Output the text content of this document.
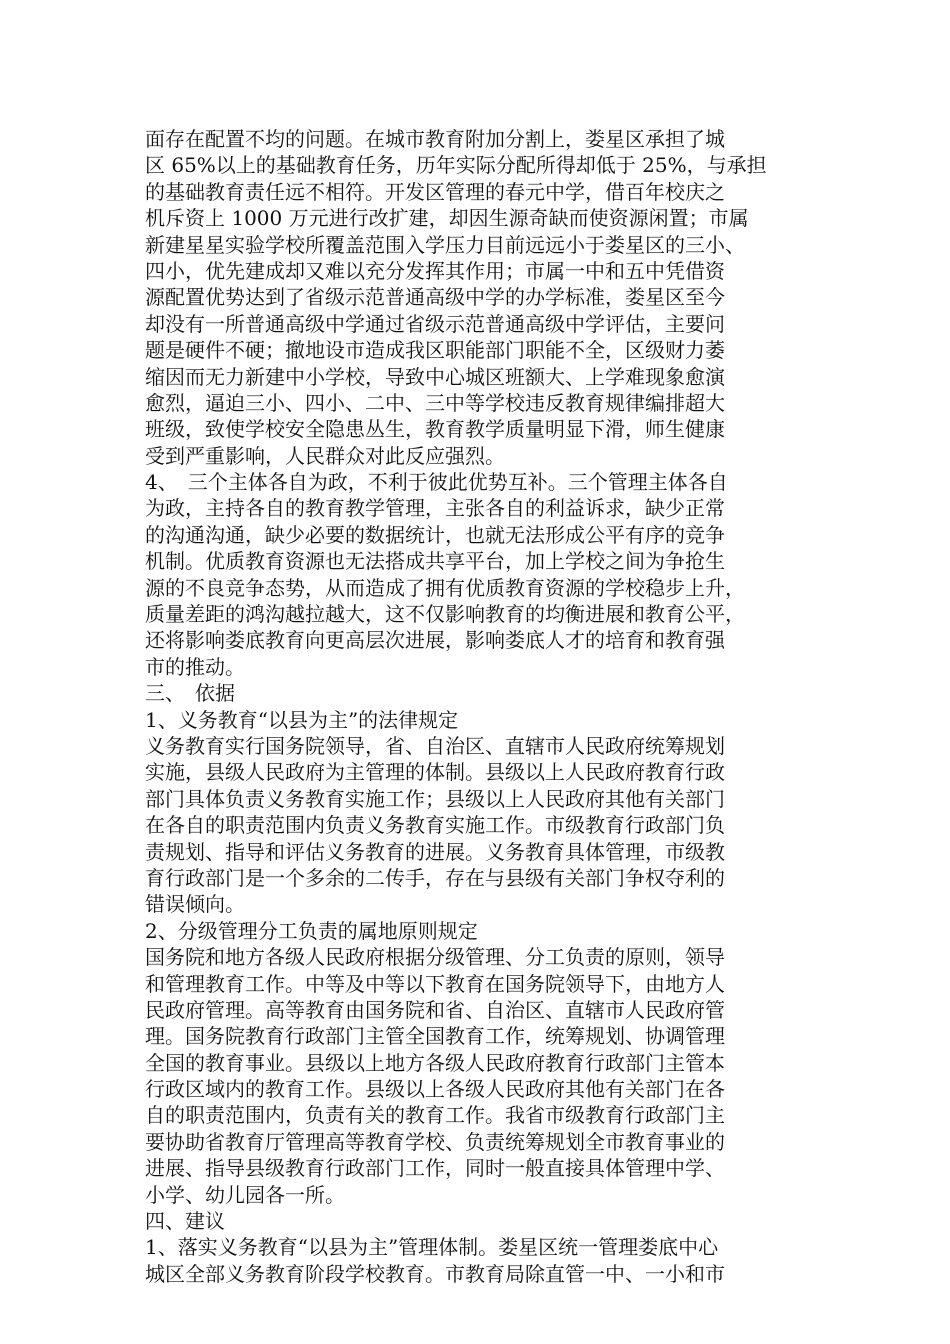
面存在配置不均的问题。在城市教育附加分割上，娄星区承担了城
区 65%以上的基础教育任务，历年实际分配所得却低于 25%，与承担
的基础教育责任远不相符。开发区管理的春元中学，借百年校庆之
机斥资上 1000 万元进行改扩建，却因生源奇缺而使资源闲置；市属
新建星星实验学校所覆盖范围入学压力目前远远小于娄星区的三小、
四小，优先建成却又难以充分发挥其作用；市属一中和五中凭借资
源配置优势达到了省级示范普通高级中学的办学标准，娄星区至今
却没有一所普通高级中学通过省级示范普通高级中学评估，主要问
题是硬件不硬；撤地设市造成我区职能部门职能不全，区级财力萎
缩因而无力新建中小学校，导致中心城区班额大、上学难现象愈演
愈烈，逼迫三小、四小、二中、三中等学校违反教育规律编排超大
班级，致使学校安全隐患丛生，教育教学质量明显下滑，师生健康
受到严重影响，人民群众对此反应强烈。
4、　三个主体各自为政，不利于彼此优势互补。三个管理主体各自
为政，主持各自的教育教学管理，主张各自的利益诉求，缺少正常
的沟通沟通，缺少必要的数据统计，也就无法形成公平有序的竞争
机制。优质教育资源也无法搭成共享平台，加上学校之间为争抢生
源的不良竞争态势，从而造成了拥有优质教育资源的学校稳步上升，
质量差距的鸿沟越拉越大，这不仅影响教育的均衡进展和教育公平，
还将影响娄底教育向更高层次进展，影响娄底人才的培育和教育强
市的推动。
三、　依据
1、义务教育“以县为主”的法律规定
义务教育实行国务院领导，省、自治区、直辖市人民政府统筹规划
实施，县级人民政府为主管理的体制。县级以上人民政府教育行政
部门具体负责义务教育实施工作；县级以上人民政府其他有关部门
在各自的职责范围内负责义务教育实施工作。市级教育行政部门负
责规划、指导和评估义务教育的进展。义务教育具体管理，市级教
育行政部门是一个多余的二传手，存在与县级有关部门争权夺利的
错误倾向。
2、分级管理分工负责的属地原则规定
国务院和地方各级人民政府根据分级管理、分工负责的原则，领导
和管理教育工作。中等及中等以下教育在国务院领导下，由地方人
民政府管理。高等教育由国务院和省、自治区、直辖市人民政府管
理。国务院教育行政部门主管全国教育工作，统筹规划、协调管理
全国的教育事业。县级以上地方各级人民政府教育行政部门主管本
行政区域内的教育工作。县级以上各级人民政府其他有关部门在各
自的职责范围内，负责有关的教育工作。我省市级教育行政部门主
要协助省教育厅管理高等教育学校、负责统筹规划全市教育事业的
进展、指导县级教育行政部门工作，同时一般直接具体管理中学、
小学、幼儿园各一所。
四、建议
1、落实义务教育“以县为主”管理体制。娄星区统一管理娄底中心
城区全部义务教育阶段学校教育。市教育局除直管一中、一小和市
